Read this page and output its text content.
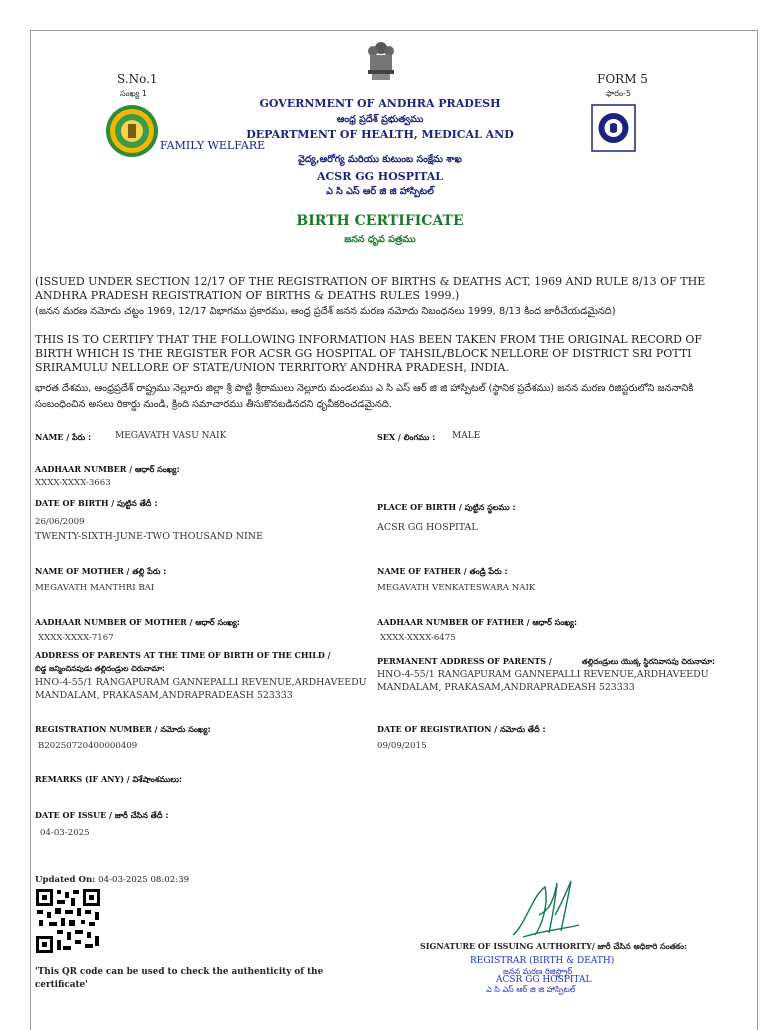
S.No.1
సంఖ్య 1
FORM 5
ఫారం-5
GOVERNMENT OF ANDHRA PRADESH
ఆంధ్ర ప్రదేశ్ ప్రభుత్వము
DEPARTMENT OF HEALTH, MEDICAL AND
FAMILY WELFARE
వైద్య,ఆరోగ్య మరియు కుటుంబ సంక్షేమ శాఖ
ACSR GG HOSPITAL
ఎ సి ఎస్ ఆర్ జి జి హాస్పిటల్
BIRTH CERTIFICATE
జనన ధృవ పత్రము
(ISSUED UNDER SECTION 12/17 OF THE REGISTRATION OF BIRTHS & DEATHS ACT, 1969 AND RULE 8/13 OF THE ANDHRA PRADESH REGISTRATION OF BIRTHS & DEATHS RULES 1999.)
(జనన మరణ నమోదు చట్టం 1969, 12/17 విభాగము ప్రకారము, ఆంధ్ర ప్రదేశ్ జనన మరణ నమోదు నిబంధనలు 1999, 8/13 కింద జారీచేయడమైనది)
THIS IS TO CERTIFY THAT THE FOLLOWING INFORMATION HAS BEEN TAKEN FROM THE ORIGINAL RECORD OF BIRTH WHICH IS THE REGISTER FOR ACSR GG HOSPITAL OF TAHSIL/BLOCK NELLORE OF DISTRICT SRI POTTI SRIRAMULU NELLORE OF STATE/UNION TERRITORY ANDHRA PRADESH, INDIA.
భారత దేశము, ఆంధ్రప్రదేశ్ రాష్ట్రము నెల్లూరు జిల్లా శ్రీ పొట్టి శ్రీరాములు నెల్లూరు మండలము ఎ సి ఎస్ ఆర్ జి జి హాస్పిటల్ (స్థానిక ప్రదేశము) జనన మరణ రిజిస్టరులోని జననానికి సంబంధించిన అసలు రికార్డు నుండి, క్రింది సమాచారము తీసుకొనబడినదని ధృవీకరించడమైనది.
NAME / పేరు :	MEGAVATH VASU NAIK	SEX / లింగము : MALE
AADHAAR NUMBER / ఆధార్ సంఖ్య:
XXXX-XXXX-3663
DATE OF BIRTH / పుట్టిన తేదీ :
26/06/2009
TWENTY-SIXTH-JUNE-TWO THOUSAND NINE
PLACE OF BIRTH / పుట్టిన స్థలము :
ACSR GG HOSPITAL
NAME OF MOTHER / తల్లి పేరు :
MEGAVATH MANTHRI BAI
NAME OF FATHER / తండ్రి పేరు :
MEGAVATH VENKATESWARA NAIK
AADHAAR NUMBER OF MOTHER / ఆధార్ సంఖ్య:
XXXX-XXXX-7167
AADHAAR NUMBER OF FATHER / ఆధార్ సంఖ్య:
XXXX-XXXX-6475
ADDRESS OF PARENTS AT THE TIME OF BIRTH OF THE CHILD /
బిడ్డ జన్మించినపుడు తల్లిదండ్రుల చిరునామా:
HNO-4-55/1 RANGAPURAM GANNEPALLI REVENUE,ARDHAVEEDU
MANDALAM, PRAKASAM,ANDRAPRADEASH 523333
PERMANENT ADDRESS OF PARENTS /	తల్లిదండ్రులు యొక్క స్థిరనివాసపు చిరునామా:
HNO-4-55/1 RANGAPURAM GANNEPALLI REVENUE,ARDHAVEEDU
MANDALAM, PRAKASAM,ANDRAPRADEASH 523333
REGISTRATION NUMBER / నమోదు సంఖ్య:
B20250720400000409
DATE OF REGISTRATION / నమోదు తేదీ :
09/09/2015
REMARKS (IF ANY) / విశేషాంశములు:
DATE OF ISSUE / జారీ చేసిన తేదీ :
04-03-2025
Updated On: 04-03-2025 08:02:39
'This QR code can be used to check the authenticity of the
certificate'
SIGNATURE OF ISSUING AUTHORITY/ జారీ చేసిన అధికారి సంతకం:
REGISTRAR (BIRTH & DEATH)
జనన మరణ రిజిస్ట్రార్
ACSR GG HOSPITAL
ఎ సి ఎస్ ఆర్ జి జి హాస్పిటల్
